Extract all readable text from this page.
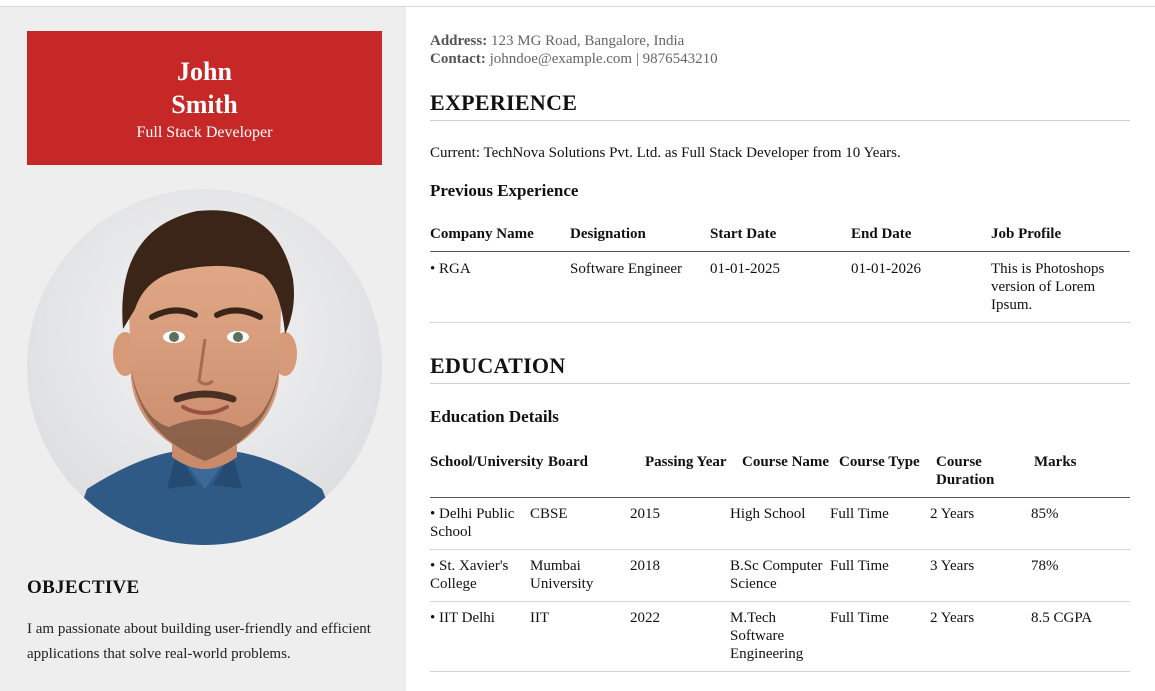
John
Smith
Full Stack Developer
OBJECTIVE
I am passionate about building user-friendly and efficient applications that solve real-world problems.
Address: 123 MG Road, Bangalore, India
Contact: johndoe@example.com | 9876543210
EXPERIENCE
Current: TechNova Solutions Pvt. Ltd. as Full Stack Developer from 10 Years.
Previous Experience
Company Name	Designation	Start Date	End Date	Job Profile
• RGA	Software Engineer	01-01-2025	01-01-2026	This is Photoshops version of Lorem Ipsum.
EDUCATION
Education Details
School/University	Board	Passing Year	Course Name	Course Type	Course Duration	Marks
• Delhi Public School	CBSE	2015	High School	Full Time	2 Years	85%
• St. Xavier's College	Mumbai University	2018	B.Sc Computer Science	Full Time	3 Years	78%
• IIT Delhi	IIT	2022	M.Tech Software Engineering	Full Time	2 Years	8.5 CGPA
